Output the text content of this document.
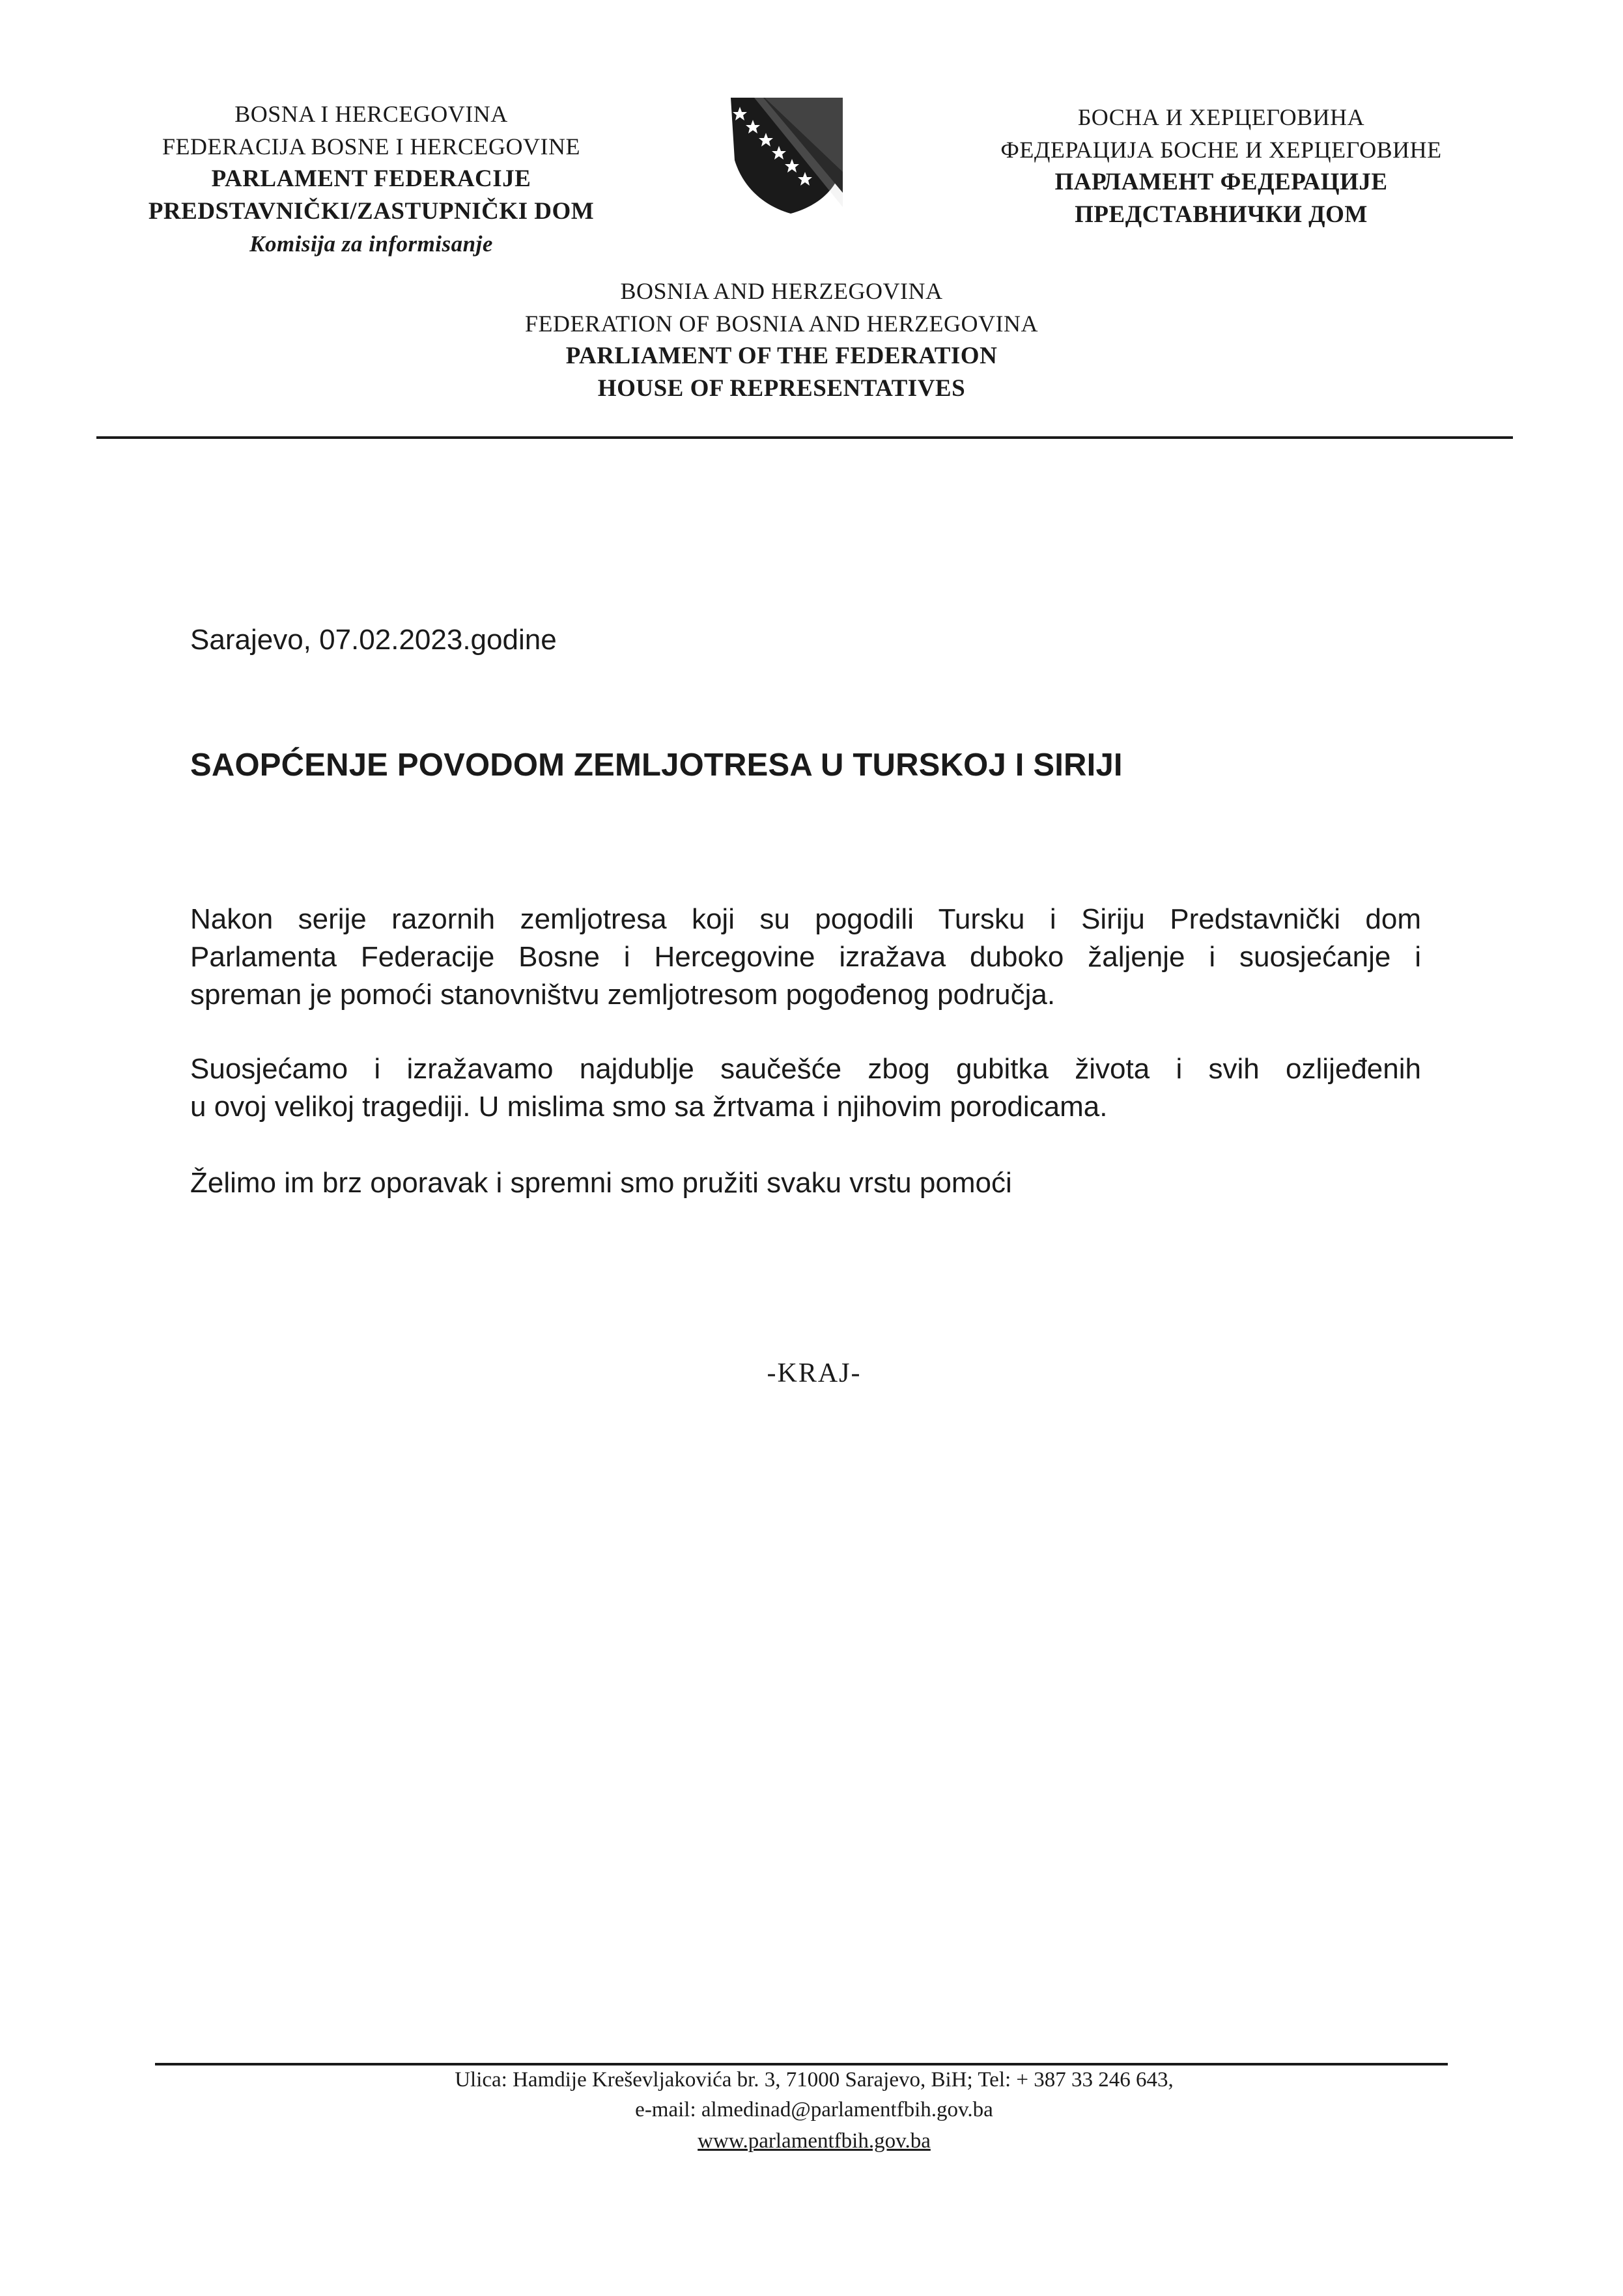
BOSNA I HERCEGOVINA
FEDERACIJA BOSNE I HERCEGOVINE
PARLAMENT FEDERACIJE
PREDSTAVNIČKI/ZASTUPNIČKI DOM
Komisija za informisanje
БОСНА И ХЕРЦЕГОВИНА
ФЕДЕРАЦИЈА БОСНЕ И ХЕРЦЕГОВИНЕ
ПАРЛАМЕНТ ФЕДЕРАЦИЈЕ
ПРЕДСТАВНИЧКИ ДОМ
BOSNIA AND HERZEGOVINA
FEDERATION OF BOSNIA AND HERZEGOVINA
PARLIAMENT OF THE FEDERATION
HOUSE OF REPRESENTATIVES
Sarajevo, 07.02.2023.godine
SAOPĆENJE POVODOM ZEMLJOTRESA U TURSKOJ I SIRIJI
Nakon serije razornih zemljotresa koji su pogodili Tursku i Siriju Predstavnički dom
Parlamenta Federacije Bosne i Hercegovine izražava duboko žaljenje i suosjećanje i
spreman je pomoći stanovništvu zemljotresom pogođenog područja.
Suosjećamo i izražavamo najdublje saučešće zbog gubitka života i svih ozlijeđenih
u ovoj velikoj tragediji. U mislima smo sa žrtvama i njihovim porodicama.
Želimo im brz oporavak i spremni smo pružiti svaku vrstu pomoći
-KRAJ-
Ulica: Hamdije Kreševljakovića br. 3, 71000 Sarajevo, BiH; Tel: + 387 33 246 643,
e-mail: almedinad@parlamentfbih.gov.ba
www.parlamentfbih.gov.ba
